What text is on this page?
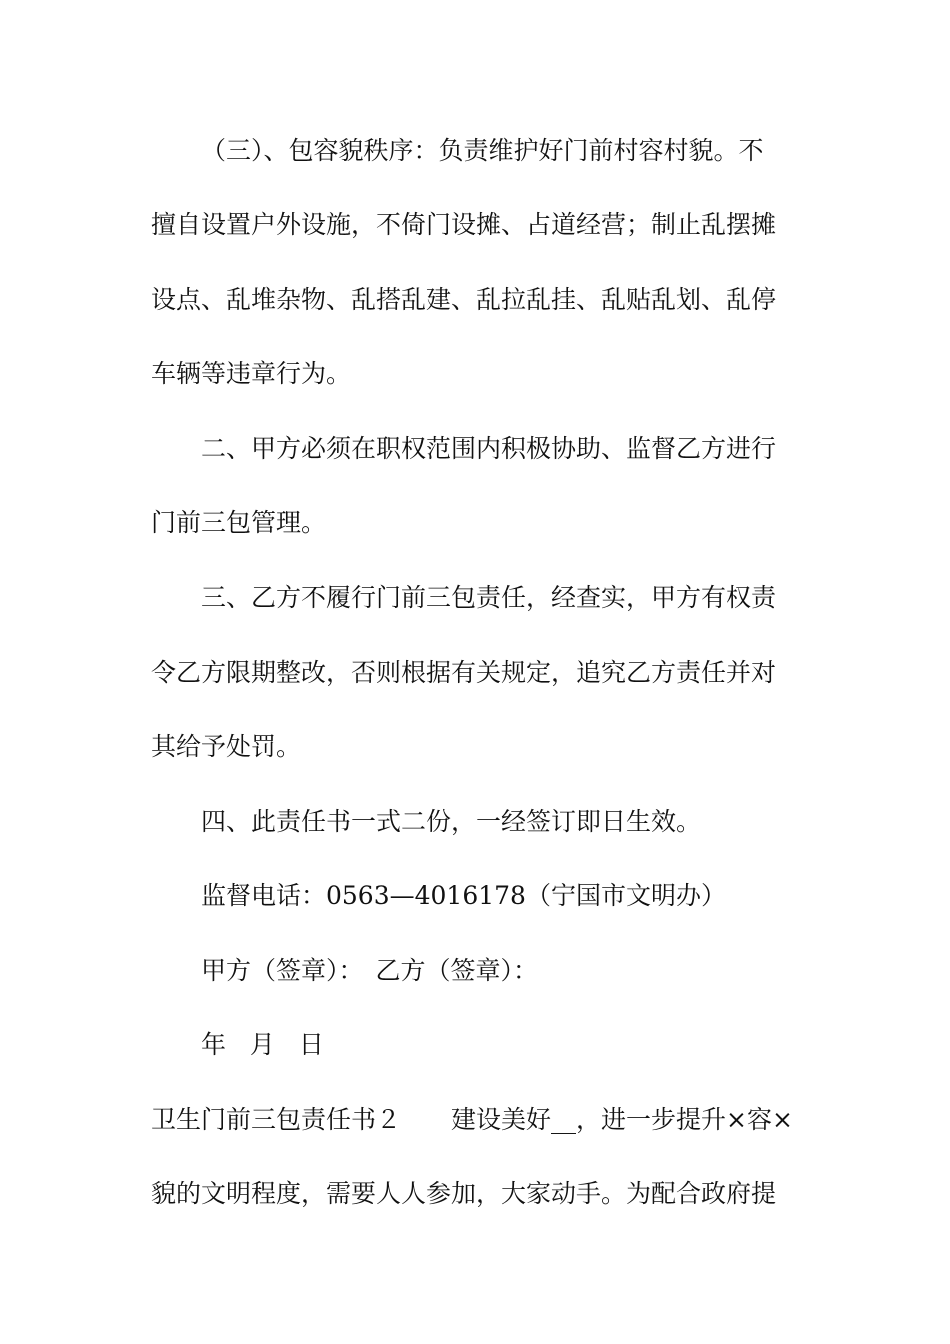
（三）、包容貌秩序：负责维护好门前村容村貌。不
擅自设置户外设施，不倚门设摊、占道经营；制止乱摆摊
设点、乱堆杂物、乱搭乱建、乱拉乱挂、乱贴乱划、乱停
车辆等违章行为。
二、甲方必须在职权范围内积极协助、监督乙方进行
门前三包管理。
三、乙方不履行门前三包责任，经查实，甲方有权责
令乙方限期整改，否则根据有关规定，追究乙方责任并对
其给予处罚。
四、此责任书一式二份，一经签订即日生效。
监督电话：0563—4016178（宁国市文明办）
甲方（签章）： 乙方（签章）：
年 月 日
卫生门前三包责任书２ 建设美好__，进一步提升×容×
貌的文明程度，需要人人参加，大家动手。为配合政府提
